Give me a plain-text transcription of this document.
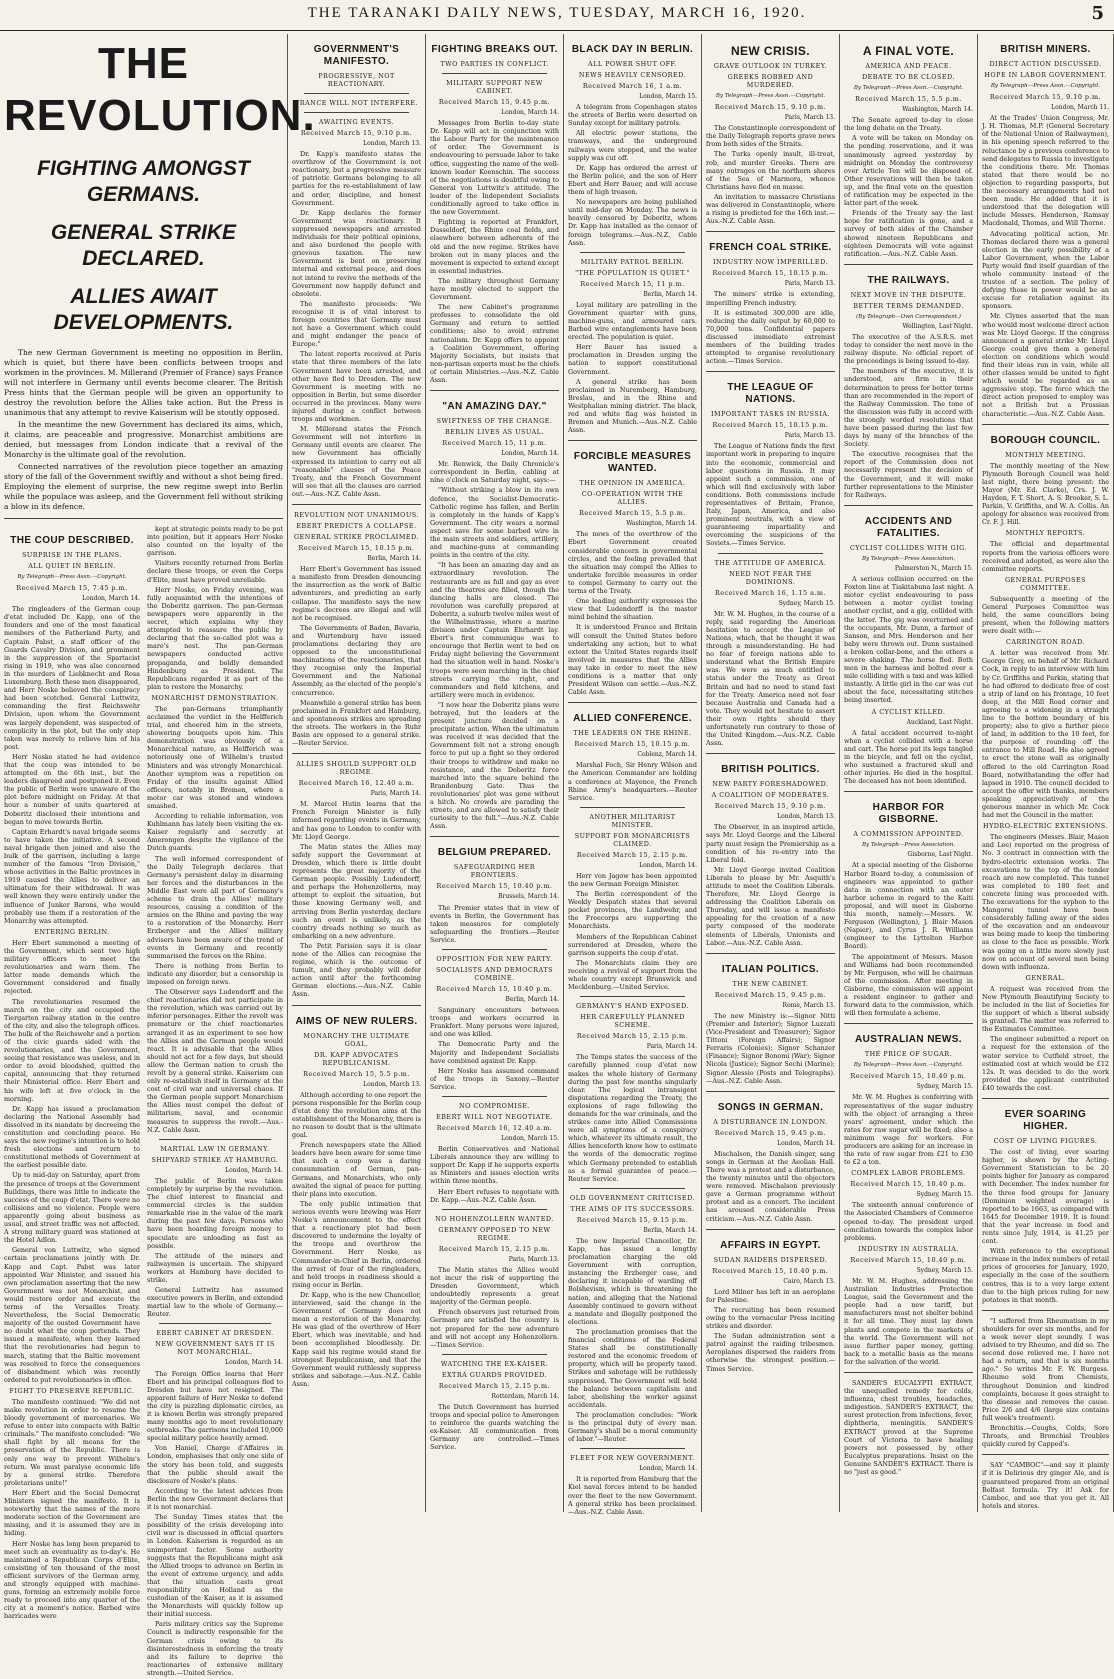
THE TARANAKI DAILY NEWS, TUESDAY, MARCH 16, 1920.	5
THE REVOLUTION.
FIGHTING AMONGST GERMANS.
GENERAL STRIKE DECLARED.
ALLIES AWAIT DEVELOPMENTS.

The new German Government is meeting no opposition in Berlin, which is quiet, but there have been conflicts between troops and workmen in the provinces. M. Millerand (Premier of France) says France will not interfere in Germany until events become clearer. The British Press hints that the German people will be given an opportunity to destroy the revolution before the Allies take action. But the Press is unanimous that any attempt to revive Kaiserism will be stoutly opposed.

In the meantime the new Government has declared its aims, which, it claims, are peaceable and progressive. Monarchist ambitions are denied, but messages from London indicate that a revival of the Monarchy is the ultimate goal of the revolution.

Connected narratives of the revolution piece together an amazing story of the fall of the Government swiftly and without a shot being fired. Employing the element of surprise, the new regime swept into Berlin while the populace was asleep, and the Government fell without striking a blow in its defence.

THE COUP DESCRIBED.
SURPRISE IN THE PLANS.
ALL QUIET IN BERLIN.
By Telegraph—Press Assn.—Copyright.
Received March 15, 7.45 p.m.
London, March 14.

The ringleaders of the German coup d'etat included Dr. Kapp, one of the founders and one of the most fanatical members of the Fatherland Party, and Captain Pabst, a staff officer of the Guards Cavalry Division, and prominent in the suppression of the Spartacist rising in 1919, who was also concerned in the murders of Liebknecht and Rosa Luxemburg. Both these men disappeared, and Herr Noske believed the conspiracy had been scotched. General Luttwitz, commanding the first Reichswehr Division, upon whom the Government was largely dependent, was suspected of complicity in the plot, but the only step taken was merely to relieve him of his post.

Herr Noske stated he had evidence that the coup was intended to be attempted on the 6th inst., but the leaders disagreed and postponed it. Even the public of Berlin were unaware of the plot before midnight on Friday. At that hour a number of units quartered at Doberitz disclosed their intentions and began to move towards Berlin.

Captain Erhardt's naval brigade seems to have taken the initiative. A second naval brigade then joined and also the bulk of the garrison, including a large number of the famous "Iron Division," whose activities in the Baltic provinces in 1919 caused the Allies to deliver an ultimatum for their withdrawal. It was well known they were entirely under the influence of Junker Barons, who would probably use them if a restoration of the Monarchy was attempted.

ENTERING BERLIN.

Herr Ebert summoned a meeting of the Government, which sent two high military officers to meet the revolutionaries and warn them. The latter made demands which the Government considered and finally rejected.

The revolutionaries resumed the march on the city and occupied the Tiergarten railway station in the centre of the city, and also the telegraph offices. The bulk of the Reichswehr and a portion of the civic guards sided with the revolutionaries, and the Government, seeing that resistance was useless, and in order to avoid bloodshed, quitted the capital, announcing that they returned their Ministerial office. Herr Ebert and his wife left at five o'clock in the morning.

Dr. Kapp has issued a proclamation declaring the National Assembly had dissolved in its mandate by decreeing the constitution and concluding peace. He says the new regime's intention is to hold fresh elections and return to constitutional methods of Government at the earliest possible date.

Up to mid-day on Saturday, apart from the presence of troops at the Government Buildings, there was little to indicate the success of the coup d'etat. There were no collisions and no violence. People were apparently going about business as usual, and street traffic was not affected. A strong military guard was stationed at the Hotel Adlon.

General von Luttwitz, who signed certain proclamations jointly with Dr. Kapp and Capt. Pabst was later appointed War Minister, and issued his own proclamation asserting that the new Government was not Monarchist, and would restore order and execute the terms of the Versailles Treaty. Nevertheless, the Social Democratic majority of the ousted Government have no doubt what the coup portends. They issued a manifesto, when they learned that the revolutionaries had begun to march, stating that the Baltic movement was resolved to force the consequences of disbandment which was recently ordered to put revolutionaries in office.

FIGHT TO PRESERVE REPUBLIC.

The manifesto continued: "We did not make revolution in order to resume the bloody government of mercenaries. We refuse to enter into compacts with Baltic criminals." The manifesto concluded: "We shall fight by all means for the preservation of the Republic. There is only one way to prevent Wilhelm's return. We must paralyse economic life by a general strike. Therefore proletarians unite!"

Herr Ebert and the Social Democrat Ministers signed the manifesto. It is noteworthy that the names of the more moderate section of the Government are missing, and it is assumed they are in hiding.

Herr Noske has long been prepared to meet such an eventuality as to-day's. He maintained a Republican Corps d'Elite, consisting of ten thousand of the most efficient survivors of the German army, and strongly equipped with machine-guns, forming an extremely mobile force ready to proceed into any quarter of the city at a moment's notice. Barbed wire barricades were

kept at strategic points ready to be put into position, but it appears Herr Noske also counted on the loyalty of the garrison.

Visitors recently returned from Berlin declare these troops, or even the Corps d'Elite, must have proved unreliable.

Herr Noske, on Friday evening, was fully acquainted with the intentions of the Doberitz garrison. The pan-German newspapers were apparently in the secret, which explains why they attempted to reassure the public by declaring that the so-called plot was a mare's nest. The pan-German newspapers conducted active propaganda, and boldly demanded Hindenburg as President. The Republicans regarded it as part of the plan to restore the Monarchy.

MONARCHIST DEMONSTRATION.

The pan-Germans triumphantly acclaimed the verdict in the Helfferich trial, and cheered him in the streets, showering bouquets upon him. This demonstration was obviously of a Monarchical nature, as Helfferich was notoriously one of Wilhelm's trusted Ministers and was strongly Monarchical. Another symptom was a repetition on Friday of the insults against Allied officers, notably in Bremen, where a motor car was stoned and windows smashed.

According to reliable information, von Kuhlmann has lately been visiting the ex-Kaiser regularly and secretly at Amerongen despite the vigilance of the Dutch guards.

The well informed correspondent of the Daily Telegraph declares that Germany's persistent delay in disarming her forces and the disturbances in the Middle East were all part of Germany's scheme to drain the Allies' military resources, causing a condition of the armies on the Rhine and paving the way to a restoration of the Monarchy. Herr Erzberger and the Allies' military advisers have been aware of the trend of events in Germany and recently summarised the forces on the Rhine.

There is nothing from Berlin to indicate any disorder, but a censorship is imposed on foreign news.

The Observer says Ludendorff and the chief reactionaries did not participate in the revolution, which was carried out by inferior personages. Either the revolt was premature or the chief reactionaries arranged it as an experiment to see how the Allies and the German people would react. It is advisable that the Allies should not act for a few days, but should allow the German nation to crush the revolt by a general strike. Kaiserism can only re-establish itself in Germany at the cost of civil war and universal chaos. If the German people support Monarchism the Allies must compel the defeat of militarism, naval, and economic measures to suppress the revolt.—Aus.-N.Z. Cable Assn.

MARTIAL LAW IN GERMANY.
SHIPYARD STRIKE AT HAMBURG.
London, March 14.

The public of Berlin was taken completely by surprise by the revolution. The chief interest to financial and commercial circles is the sudden remarkable rise in the value of the mark during the past few days. Persons who have been hoarding foreign money to speculate are unloading as fast as possible.

The attitude of the miners and railwaymen is uncertain. The shipyard workers at Hamburg have decided to strike.

General Luttwitz has assumed executive powers in Berlin, and extended martial law to the whole of Germany.—Reuter.

EBERT CABINET AT DRESDEN.
NEW GOVERNMENT SAYS IT IS NOT MONARCHIAL.
London, March 14.

The Foreign Office learns that Herr Ebert and his principal colleagues fled to Dresden but have not resigned. The apparent failure of Herr Noske to defend the city is puzzling diplomatic circles, as it is known Berlin was strongly prepared many months ago to meet revolutionary outbreaks. The garrisons included 10,000 special military police heavily armed.

Von Haniel, Charge d'Affaires in London, emphasises that only one side of the story has been told, and suggests that the public should await the disclosure of Noske's plans.

According to the latest advices from Berlin the new Government declares that it is not monarchial.

The Sunday Times states that the possibility of the crisis developing into civil war is discussed in official quarters in London. Kaiserism is regarded as an unimportant factor. Some authority suggests that the Republicans might ask the Allied troops to advance on Berlin in the event of extreme urgency, and adds that the situation casts great responsibility on Holland as the custodian of the Kaiser, as it is assumed the Monarchists will quickly follow up their initial success.

Paris military critics say the Supreme Council is indirectly responsible for the German crisis owing to its disinterestedness in enforcing the treaty and its failure to deprive the reactionaries of extensive military strength.—United Service.

GOVERNMENT'S MANIFESTO.
PROGRESSIVE, NOT REACTIONARY.
FRANCE WILL NOT INTERFERE.
AWAITING EVENTS.
Received March 15, 9.10 p.m.
London, March 13.

Dr. Kapp's manifesto states the overthrow of the Government is not reactionary, but a progressive measure of patriotic Germans belonging to all parties for the re-establishment of law and order, discipline, and honest Government.

Dr. Kapp declares the former Government was reactionary. It suppressed newspapers and arrested individuals for their political opinions, and also burdened the people with grievous taxation. The new Government is bent on preserving internal and external peace, and does not intend to revive the methods of the Government now happily defunct and obsolete.

The manifesto proceeds: "We recognise it is of vital interest to foreign countries that Germany must not have a Government which could and might endanger the peace of Europe."

The latest reports received at Paris state that three members of the late Government have been arrested, and other have fled to Dresden. The new Government is meeting with no opposition in Berlin, but some disorder occurred in the provinces. Many were injured during a conflict between troops and workmen.

M. Millerand states the French Government will not interfere in Germany until events are clearer. The new Government has officially expressed its intention to carry out all "reasonable" clauses of the Peace Treaty, and the French Government will see that all the clauses are carried out.—Aus.-N.Z. Cable Assn.

REVOLUTION NOT UNANIMOUS.
EBERT PREDICTS A COLLAPSE.
GENERAL STRIKE PROCLAIMED.
Received March 15, 10.15 p.m.
Berlin, March 14.

Herr Ebert's Government has issued a manifesto from Dresden denouncing the insurrection as the work of Baltic adventurers, and predicting an early collapse. The manifesto says the new regime's decrees are illegal and will not be recognised.

The Governments of Baden, Bavaria, and Wurtemburg have issued proclamations declaring they are opposed to the unconstitutional machinations of the reactionaries, that they recognise only the Imperial Government and the National Assembly, as the elected of the people's concurrence.

Meanwhile a general strike has been proclaimed in Frankfort and Hamburg, and spontaneous strikes are spreading the streets. The workers in the Ruhr Basin are opposed to a general strike.—Reuter Service.

ALLIES SHOULD SUPPORT OLD REGIME.
Received March 16, 12.40 a.m.
Paris, March 14.

M. Marcel Hutin learns that the French Foreign Minister is fully informed regarding events in Germany, and has gone to London to confer with Mr. Lloyd George.

The Matin states the Allies may safely support the Government at Dresden, which there is little doubt represents the great majority of the German people. Possibly Ludendorff, and perhaps the Hohenzollerns, may attempt to exploit the situation, but those knowing Germany well, and arriving from Berlin yesterday, declare such an event is unlikely, as the country dreads nothing so much as embarking on a new adventure.

The Petit Parisien says it is clear none of the Allies can recognise the regime, which is the outcome of tumult, and they probably will defer action until after the forthcoming German elections.—Aus.-N.Z. Cable Assn.

AIMS OF NEW RULERS.
MONARCHY THE ULTIMATE GOAL.
DR. KAPP ADVOCATES REPUBLICANISM.
Received March 15, 5.5 p.m.
London, March 13.

Although according to one report the persons responsible for the Berlin coup d'etat deny the revolution aims at the establishment of the Monarchy, there is no reason to doubt that is the ultimate goal.

French newspapers state the Allied leaders have been aware for some time that such a coup was a daring consummation of German, pan-Germans, and Monarchists, who only awaited the signal of peace for putting their plans into execution.

The only public intimation that serious events were brewing was Herr Noske's announcement to the effect that a reactionary plot had been discovered to undermine the loyalty of the troops and overthrow the Government. Herr Noske, as Commander-in-Chief in Berlin, ordered the arrest of four of the ringleaders, and held troops in readiness should a rising occur in Berlin.

Dr. Kapp, who is the new Chancellor, interviewed, said the change in the Government of Germany does not mean a restoration of the Monarchy. He was glad of the overthrow of Herr Ebert, which was inevitable, and had been accomplished bloodlessly. Dr. Kapp said his regime would stand for strongest Republicanism, and that the Government would ruthlessly suppress strikes and sabotage.—Aus.-N.Z. Cable Assn.

FIGHTING BREAKS OUT.
TWO PARTIES IN CONFLICT.
MILITARY SUPPORT NEW CABINET.
Received March 15, 9.45 p.m.
London, March 14.

Messages from Berlin to-day state Dr. Kapp will act in conjunction with the Labour Party for the maintenance of order. The Government is endeavouring to persuade labor to take office, suggesting the name of the well-known leader Koenschin. The success of the negotiations is doubtful owing to General von Luttwitz's attitude. The leader of the Independent Socialists conditionally agreed to take office in the new Government.

Fighting is reported at Frankfort, Dusseldorf, the Rhine coal fields, and elsewhere between adherents of the old and the new regime. Strikes have broken out in many places and the movement is expected to extend except in essential industries.

The military throughout Germany have mostly elected to support the Government.

The new Cabinet's programme professes to consolidate the old Germany and return to settled conditions; also to avoid extreme nationalism. Dr. Kapp offers to appoint a Coalition Government, offering Majority Socialists, but insists that non-partisan experts must be the chiefs of certain Ministries.—Aus.-N.Z. Cable Assn.

"AN AMAZING DAY."
SWIFTNESS OF THE CHANGE.
BERLIN LIVES AS USUAL.
Received March 15, 11 p.m.
London, March 14.

Mr. Renwick, the Daily Chronicle's correspondent in Berlin, cabling at nine o'clock on Saturday night, says:—

"Without striking a blow in its own defence, the Socialist-Democratic-Catholic regime has fallen, and Berlin is completely in the hands of Kapp's Government. The city wears a normal aspect save for some barbed wire in the main streets and soldiers, artillery, and machine-guns at commanding points in the centre of the city.

"It has been an amazing day and an extraordinary revolution. The restaurants are as full and gay as ever and the theatres are filled, though the dancing halls are closed. The revolution was carefully prepared at Doberitz, a suburb twelve miles west of the Wilhelmstrasse, where a marine division under Captain Ehrhardt lay. Ebert's first communique was to encourage that Berlin went to bed on Friday night believing the Government had the situation well in hand. Noske's troops were seen marching in the chief streets carrying the right, and commanders and field kitchens, and artillery were much in evidence.

"I now hear the Doberitz plans were betrayed, but the leaders at the present juncture decided on a precipitate action. When the ultimatum was received it was decided that the Government felt not a strong enough force to put up a fight so they ordered their troops to withdraw and make no resistance, and the Doberitz force marched into the square behind the Brandenburg Gate. Thus the revolutionaries' plot was gone without a hitch. No crowds are parading the streets, and are allowed to satisfy their curiosity to the full."—Aus.-N.Z. Cable Assn.

BELGIUM PREPARED.
SAFEGUARDING HER FRONTIERS.
Received March 15, 10.40 p.m.
Brussels, March 14.

The Premier states that in view of events in Berlin, the Government has taken measures for completely safeguarding the frontiers.—Reuter Service.

OPPOSITION FOR NEW PARTY.
SOCIALISTS AND DEMOCRATS COMBINE.
Received March 15, 10.40 p.m.
Berlin, March 14.

Sanguinary encounters between troops and workers occurred in Frankfort. Many persons were injured, and one was killed.

The Democratic Party and the Majority and Independent Socialists have combined against Dr. Kapp.

Herr Noske has assumed command of the troops in Saxony.—Reuter Service.

NO COMPROMISE.
EBERT WILL NOT NEGOTIATE.
Received March 16, 12.40 a.m.
London, March 15.

Berlin Conservatives and National Liberals announce they are willing to support Dr. Kapp if he supports experts as Ministers and issues election writs within three months.

Herr Ebert refuses to negotiate with Dr. Kapp.—Aus.-N.Z. Cable Assn.

NO HOHENZOLLERN WANTED.
GERMANY OPPOSED TO NEW REGIME.
Received March 15, 2.15 p.m.
Paris, March 13.

The Matin states the Allies would not incur the risk of supporting the Dresden Government, which undoubtedly represents a great majority of the German people.

French observers just returned from Germany are satisfied the country is not prepared for the new adventure and will not accept any Hohenzollern.—Times Service.

WATCHING THE EX-KAISER.
EXTRA GUARDS PROVIDED.
Received March 15, 2.15 p.m.
Rotterdam, March 14.

The Dutch Government has hurried troops and special police to Amerongen to reinforce the guards watching the ex-Kaiser. All communication from Germany are controlled.—Times Service.

BLACK DAY IN BERLIN.
ALL POWER SHUT OFF.
NEWS HEAVILY CENSORED.
Received March 16, 1 a.m.
London, March 15.

A telegram from Copenhagen states the streets of Berlin were deserted on Sunday except for military patrols.

All electric power stations, the tramways, and the underground railways were stopped, and the water supply was cut off.

Dr. Kapp has ordered the arrest of the Berlin police, and the son of Herr Ebert and Herr Bauer, and will accuse them of high treason.

No newspapers are being published until mid-day on Monday. The news is heavily censored by Doberitz, whom Dr. Kapp has installed as the censor of foreign telegrams.—Aus.-N.Z. Cable Assn.

MILITARY PATROL BERLIN.
"THE POPULATION IS QUIET."
Received March 15, 11 p.m.
Berlin, March 14.

Loyal military are patrolling in the Government quarter with guns, machine-guns, and armoured cars. Barbed wire entanglements have been erected. The population is quiet.

Herr Bauer has issued a proclamation in Dresden urging the nation to support constitutional Government.

A general strike has been proclaimed in Nuremberg, Hamburg, Breslau, and in the Rhine and Westphalian mining district. The black, red and white flag was hoisted in Bremen and Munich.—Aus.-N.Z. Cable Assn.

FORCIBLE MEASURES WANTED.
THE OPINION IN AMERICA.
CO-OPERATION WITH THE ALLIES.
Received March 15, 5.5 p.m.
Washington, March 14.

The news of the overthrow of the Ebert Government created considerable concern in governmental circles, and the feeling prevailed that the situation may compel the Allies to undertake forcible measures in order to compel Germany to carry out the terms of the Treaty.

One leading authority expresses the view that Ludendorff is the master mind behind the situation.

It is understood France and Britain will consult the United States before undertaking any action, but to what extent the United States regards itself involved in measures that the Allies may take in order to meet the new conditions is a matter that only President Wilson can settle.—Aus.-N.Z. Cable Assn.

ALLIED CONFERENCE.
THE LEADERS ON THE RHINE.
Received March 15, 10.15 p.m.
Coblenz, March 14.

Marshal Foch, Sir Henry Wilson and the American Commander are holding a conference at Mayence, the French Rhine Army's headquarters.—Reuter Service.

ANOTHER MILITARIST MINISTER.
SUPPORT FOR MONARCHISTS CLAIMED.
Received March 15, 2.15 p.m.
London, March 14.

Herr von Jagow has been appointed the new German Foreign Minister.

The Berlin correspondent of the Weekly Despatch states that several pocket provinces, the Landwehr, and the Freecorps are supporting the Monarchists.

Members of the Republican Cabinet surrendered at Dresden, where the garrison supports the coup d'etat.

The Monarchists claim they are receiving a revival of support from the whole country except Brunswick and Mecklenburg.—United Service.

GERMANY'S HAND EXPOSED.
HER CAREFULLY PLANNED SCHEME.
Received March 15, 2.15 p.m.
Paris, March 14.

The Temps states the success of the carefully planned coup d'etat now makes the whole history of Germany during the past few months singularly clear. The logical intransigent disputations regarding the Treaty, the explosions of rage following the demands for the war criminals, and the strikes came into Allied Commissions were all symptoms of a conspiracy which, whatever its ultimate result, the Allies henceforth know how to estimate the words of the democratic regime which Germany pretended to establish as a formal guarantee of peace.—Reuter Service.

OLD GOVERNMENT CRITICISED.
THE AIMS OF ITS SUCCESSORS.
Received March 15, 9.15 p.m.
Berlin, March 14.

The new Imperial Chancellor, Dr. Kapp, has issued a lengthy proclamation charging the old Government with corruption, instancing the Erzberger case, and declaring it incapable of warding off Bolshevism, which is threatening the nation, and alleging that the National Assembly continued to govern without a mandate and illegally postponed the elections.

The proclamation promises that the financial conditions of the Federal States shall be constitutionally restored and the economic freedom of property, which will be properly taxed. Strikes and sabotage will be ruthlessly suppressed. The Government will hold the balance between capitalism and labor, abolishing the worker against accidentals.

The proclamation concludes: "Work is the principal duty of every man. Germany's shall be a moral community of labor."—Reuter.

FLEET FOR NEW GOVERNMENT.
London, March 14.

It is reported from Hamburg that the Kiel naval forces intend to be handed over the fleet to the new Government. A general strike has been proclaimed.—Aus.-N.Z. Cable Assn.

NEW CRISIS.
GRAVE OUTLOOK IN TURKEY.
GREEKS ROBBED AND MURDERED.
By Telegraph—Press Assn.—Copyright.
Received March 15, 9.10 p.m.
Paris, March 13.

The Constantinople correspondent of the Daily Telegraph reports grave news from both sides of the Straits.

The Turks openly insult, ill-treat, rob, and murder Greeks. There are many outrages on the northern shores of the Sea of Marmora, whence Christians have fled en masse.

An invitation to massacre Christians was delivered in Constantinople, where a rising is predicted for the 16th inst.—Aus.-N.Z. Cable Assn.

FRENCH COAL STRIKE.
INDUSTRY NOW IMPERILLED.
Received March 15, 10.15 p.m.
Paris, March 13.

The miners' strike is extending, imperilling French industry.

It is estimated 300,000 are idle, reducing the daily output by 60,000 to 70,000 tons. Confidential papers discussed immediate extremist members of the building trades attempted to organise revolutionary action.—Times Service.

THE LEAGUE OF NATIONS.
IMPORTANT TASKS IN RUSSIA.
Received March 15, 10.15 p.m.
Paris, March 13.

The League of Nations finds the first important work in preparing to inquire into the economic, commercial and labor questions in Russia. It may appoint such a commission, one of which will find exclusively with labor conditions. Both commissions include representatives of Britain, France, Italy, Japan, America, and also prominent neutrals, with a view of guaranteeing impartiality and overcoming the suspicions of the Soviets.—Times Service.

THE ATTITUDE OF AMERICA.
NEED NOT FEAR THE DOMINIONS.
Received March 16, 1.15 a.m.
Sydney, March 15.

Mr. W. M. Hughes, in the course of a reply, said regarding the American hesitation to accept the League of Nations, which, that he thought it was through a misunderstanding. He had no fear of foreign nations able to understand what the British Empire was. We were as much entitled to status under the Treaty as Great Britain and had no need to stand fast for the Treaty. America need not fear because Australia and Canada had a vote. They would not hesitate to assert their own rights should they unfortunately run contrary to those of the United Kingdom.—Aus.-N.Z. Cable Assn.

BRITISH POLITICS.
NEW PARTY FORESHADOWED.
A COALITION OF MODERATES.
Received March 15, 9.10 p.m.
London, March 13.

The Observer, in an inspired article, says Mr. Lloyd George and the Liberal party must resign the Premiership as a condition of his re-entry into the Liberal fold.

Mr. Lloyd George invited Coalition Liberals to please by Mr. Asquith's attitude to meet the Coalition Liberals. Therefore, Mr. Lloyd George is addressing the Coalition Liberals on Thursday, and will issue a manifesto appealing for the creation of a new party composed of the moderate elements of Liberals, Unionists and Labor.—Aus.-N.Z. Cable Assn.

ITALIAN POLITICS.
THE NEW CABINET.
Received March 15, 9.45 p.m.
Rome, March 13.

The new Ministry is:—Signor Nitti (Premier and Interior); Signor Luzzati (Vice-President and Treasurer); Signor Tittoni (Foreign Affairs); Signor Ferraris (Colonies); Signor Schanzer (Finance); Signor Bonomi (War); Signor Nicola (Justice); Signor Sechi (Marine); Signor Alessio (Posts and Telegraphs).—Aus.-N.Z. Cable Assn.

SONGS IN GERMAN.
A DISTURBANCE IN LONDON.
Received March 15, 9.45 p.m.
London, March 14.

Mischalson, the Danish singer, sang songs in German at the Aeolian Hall. There was a protest and a disturbance, the twenty minutes until the objectors were removed. Mischalson previously gave a German programme without protest and as a concert. The incident has aroused considerable Press criticism.—Aus.-N.Z. Cable Assn.

AFFAIRS IN EGYPT.
SUDAN RAIDERS DISPERSED.
Received March 15, 10.40 p.m.
Cairo, March 13.

Lord Milner has left in an aeroplane for Palestine.

The recruiting has been resumed owing to the vernacular Press inciting strikes and disorder.

The Sudan administration sent a patrol against the raiding tribesmen. Aeroplanes dispersed the raiders from otherwise the strongest position.—Times Service.

A FINAL VOTE.
AMERICA AND PEACE.
DEBATE TO BE CLOSED.
By Telegraph—Press Assn.—Copyright.
Received March 15, 5.5 p.m.
Washington, March 14.

The Senate agreed to-day to close the long debate on the Treaty.

A vote will be taken on Monday on the pending reservations, and it was unanimously agreed yesterday by midnight on Monday the controversy over Article Ten will be disposed of. Other reservations will then be taken up, and the final vote on the question of ratification may be expected in the latter part of the week.

Friends of the Treaty say the last hope for ratification is gone, and a survey of both sides of the Chamber showed nineteen Republicans and eighteen Democrats will vote against ratification.—Aus.-N.Z. Cable Assn.

THE RAILWAYS.
NEXT MOVE IN THE DISPUTE.
BETTER TERMS DEMANDED.
(By Telegraph—Own Correspondent.)
Wellington, Last Night.

The executive of the A.S.R.S. met today to consider the next move in the railway dispute. No official report of the proceedings is being issued to-day.

The members of the executive, it is understood, are firm in their determination to press for better terms than are recommended in the report of the Railway Commission. The tone of the discussion was fully in accord with the strongly worded resolutions that have been passed during the last few days by many of the branches of the Society.

The executive recognises that the report of the Commission does not necessarily represent the decision of the Government, and it will make further representations to the Minister for Railways.

ACCIDENTS AND FATALITIES.
CYCLIST COLLIDES WITH GIG.
By Telegraph—Press Association.
Palmerston N., March 15.

A serious collision occurred on the Foxton line at Tiakitahuna last night. A motor cyclist endeavouring to pass between a motor cyclist towing another cyclist, and a gig, collided with the latter. The gig was overturned and the occupants, Mr. Dunn, a farmer of Sanson, and Mrs. Henderson and her baby were thrown out. Dunn sustained a broken collar-bone, and the others a severe shaking. The horse fled. Both men in the harness and bolted over a mile colliding with a taxi and was killed instantly. A little girl in the car was cut about the face, necessitating stitches being inserted.

A CYCLIST KILLED.
Auckland, Last Night.

A fatal accident occurred to-night when a cyclist collided with a horse and cart. The horse put its legs tangled in the bicycle, and fell on the cyclist, who sustained a fractured skull and other injuries. He died in the hospital. The deceased has not been identified.

HARBOR FOR GISBORNE.
A COMMISSION APPOINTED.
By Telegraph—Press Association.
Gisborne, Last Night.

At a special meeting of the Gisborne Harbor Board to-day, a commission of engineers was appointed to gather data in connection with an outer harbor scheme in regard to the Kaiti proposal, and will meet in Gisborne this month, namely:—Messrs. W. Ferguson (Wellington), J. Blair Mason (Napier), and Cyrus J. R. Williams (engineer to the Lyttelton Harbor Board).

The appointment of Messrs. Mason and Williams had been recommended by Mr. Ferguson, who will be chairman of the commission. After meeting in Gisborne, the commission will appoint a resident engineer to gather and forward data to the commission, which will then formulate a scheme.

AUSTRALIAN NEWS.
THE PRICE OF SUGAR.
By Telegraph—Press Assn.—Copyright.
Received March 15, 10.40 p.m.
Sydney, March 15.

Mr. W. M. Hughes is conferring with representatives of the sugar industry with the object of arranging a three years' agreement, under which the rates for raw sugar will be fixed; also a minimum wage for workers. For producers are asking for an increase in the rate of raw sugar from £21 to £30 to £2 a ton.

COMPLEX LABOR PROBLEMS.
Received March 15, 10.40 p.m.
Sydney, March 15.

The sixteenth annual conference of the Associated Chambers of Commerce opened to-day. The president urged conciliation towards the complex labor problems.

INDUSTRY IN AUSTRALIA.
Received March 15, 10.40 p.m.
Sydney, March 15.

Mr. W. M. Hughes, addressing the Australian Industries Protection League, said the Government and the people had a new tariff, but manufacturers must not shelter behind it for all time. They must lay down plants and compete in the markets of the world. The Government will not issue further paper money, getting back to a metallic basis as the means for the salvation of the world.

SANDER'S EUCALYPTI EXTRACT, the unequalled remedy for colds, influenza, chest troubles, headaches, indigestion. SANDER'S EXTRACT, the surest protection from infections, fever, diphtheria, meningitis. SANDER'S EXTRACT proved at the Supreme Court of Victoria to have healing powers not possessed by other Eucalyptus preparations. Insist on the Genuine SANDER'S EXTRACT. There is no "just as good."

BRITISH MINERS.
DIRECT ACTION DISCUSSED.
HOPE IN LABOR GOVERNMENT.
By Telegraph—Press Assn.—Copyright.
Received March 15, 9.10 p.m.
London, March 11.

At the Trades' Union Congress, Mr. J. H. Thomas, M.P. (General Secretary of the National Union of Railwaymen), in his opening speech referred to the reluctance by a previous conference to send delegates to Russia to investigate the conditions there. Mr. Thomas stated that there would be no objection to regarding passports, but the necessary arrangements had not been made. He added that it is understood that the delegation will include Messrs. Henderson, Ramsay Macdonald, Thomas, and Will Thorne.

Advocating political action, Mr. Thomas declared there was a general election in the early possibility of a Labor Government, when the Labor Party would find itself guardian of the whole community instead of the trustee of a section. The policy of defying those in power would be an excuse for retaliation against its sponsors.

Mr. Clynes asserted that the man who would most welcome direct action was Mr. Lloyd George. If the congress announced a general strike Mr. Lloyd George could give them a general election on conditions which would find their ideas run in vain, while all other classes would be united to fight which would be regarded as an aggressive step. The force which the direct action proposed to employ was not a British but a Prussian characteristic.—Aus.-N.Z. Cable Assn.

BOROUGH COUNCIL.
MONTHLY MEETING.

The monthly meeting of the New Plymouth Borough Council was held last night, there being present: the Mayor (Mr. Ed. Clarke), Crs. J. W. Hayden, F. T. Short, A. S. Brooker, S. L. Parkin, V. Griffiths, and W. A. Collis. An apology for absence was received from Cr. F. J. Hill.

MONTHLY REPORTS.

The official and departmental reports from the various officers were received and adopted, as were also the committee reports.

GENERAL PURPOSES COMMITTEE.

Subsequently a meeting of the General Purposes Committee was held, the same councillors being present, when the following matters were dealt with:—

CARRINGTON ROAD.

A letter was received from Mr. George Grey, on behalf of Mr. Richard Cock, in reply to an interview with him by Cr. Griffiths and Parkin, stating that he had offered to dedicate free of cost a strip of land on his frontage, 10 feet deep, at the Mill Road corner and agreeing to a widening in a straight line to the bottom boundary of his property; also to give a further piece of land, in addition to the 10 feet, for the purpose of rounding off the entrance to Mill Road. He also agreed to erect the stone wall as originally offered to the old Carrington Road Board, notwithstanding the offer had lapsed in 1910. The council decided to accept the offer with thanks, members speaking appreciatively of the generous manner in which Mr. Cock had met the Council in the matter.

HYDRO-ELECTRIC EXTENSIONS.

The engineers (Messrs. Blair, Mason and Lee) reported on the progress of No. 3 contract in connection with the hydro-electric extension works. The excavations to the top of the tender reach are now completed. This tunnel was completed to 180 feet and concrete lining was proceeded with. The excavations for the syphon to the Mangorei tunnel have been considerably falling away of the sides of the excavation and an endeavour was being made to keep the timbering as close to the face as possible. Work was going on a little more slowly just now on account of several men being down with influenza.

GENERAL.

A request was received from the New Plymouth Beautifying Society to be included in the list of Societies for the support of which a liberal subsidy is granted. The matter was referred to the Estimates Committee.

The engineer submitted a report on a request for the extension of the water service to Cutfield street, the estimated cost at which would be £12 12s. It was decided to do the work provided the applicant contributed £40 towards the cost.

EVER SOARING HIGHER.
COST OF LIVING FIGURES.

The cost of living, ever soaring higher, is shown by the Acting-Government Statistician to be 20 points higher for January as compared with December. The index number for the three food groups for January (Dominion weighted average) is reported to be 1663, as compared with 1645 for December 1919. It is found that the year increase in food and rents since July, 1914, is 41.25 per cent.

With reference to the exceptional increase in the index numbers of retail prices of groceries for January, 1920, especially in the case of the southern centres, this is to a very large extent due to the high prices ruling for new potatoes in that month.

"I suffered from Rheumatism in my shoulders for over six months, and for a week never slept soundly. I was advised to try Rheumo, and did so. The second dose relieved me. I have not had a return, and that is six months ago." So writes Mr. F. W. Burgess. Rheumo sold from Chemists, throughout Dominion and kindred complaints, because it goes straight to the disease and removes the cause. Price 2/6 and 4/6 (large size contains full week's treatment).

Bronchitis.—Coughs, Colds, Sore Throats, and Bronchial Troubles quickly cured by Capped's.

SAY "CAMBOC"—and say it plainly if it is Delirious dry ginger Ale, and is guaranteed prepared from an original Belfast formula. Try it! Ask for Camboc, and see that you get it. All hotels and stores.
